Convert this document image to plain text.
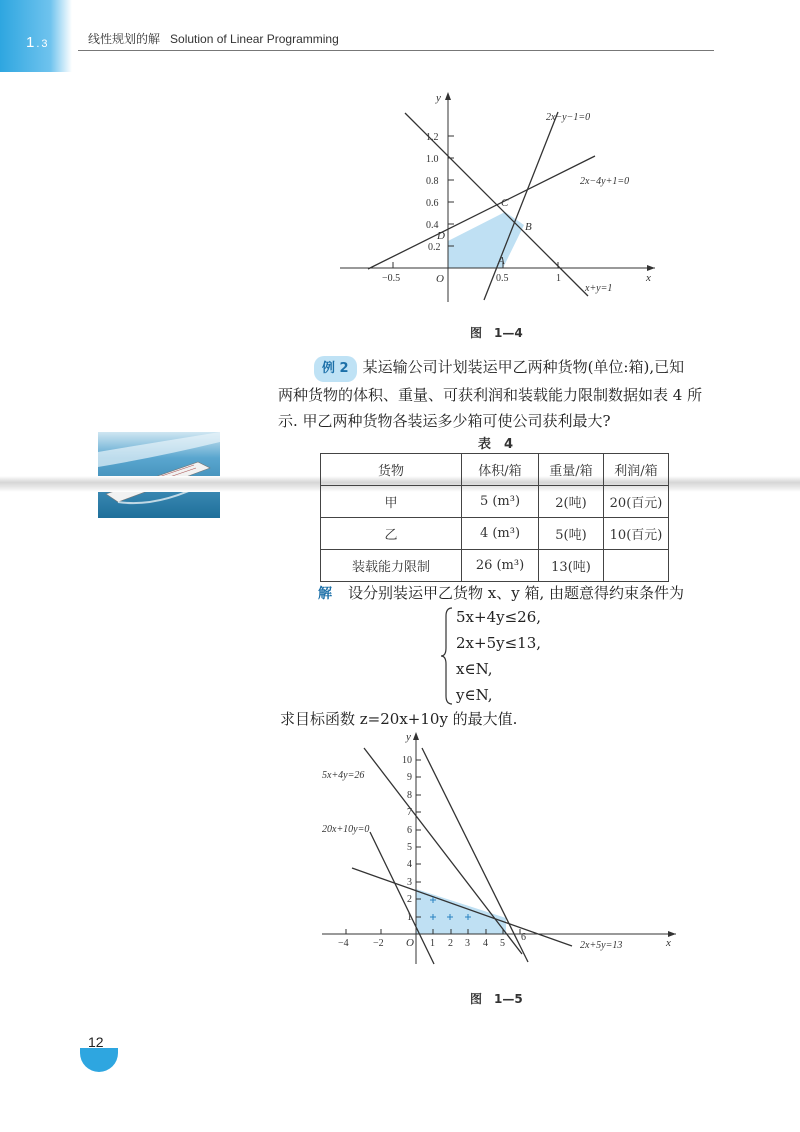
1.3	线性规划的解 Solution of Linear Programming
1.2
1.0
0.8
0.6
0.4
0.2
−0.5	0.5	1
y
x
O
A
B
C
D
2x−y−1=0
2x−4y+1=0
x+y=1
图　1—4
例 2 某运输公司计划装运甲乙两种货物(单位:箱),已知
两种货物的体积、重量、可获利润和装载能力限制数据如表 4 所
示. 甲乙两种货物各装运多少箱可使公司获利最大?
表　4
货物	体积/箱	重量/箱	利润/箱
甲	5 (m³)	2(吨)	20(百元)
乙	4 (m³)	5(吨)	10(百元)
装载能力限制	26 (m³)	13(吨)	
解 设分别装运甲乙货物 x、y 箱, 由题意得约束条件为
5x+4y≤26,
2x+5y≤13,
x∈N,
y∈N,
求目标函数 z=20x+10y 的最大值.
10
9
8
7
6
5
4
3
2
1
1 2 3 4 5
6
−4 −2
y
x
O
5x+4y=26
20x+10y=0
2x+5y=13
图　1—5
12
